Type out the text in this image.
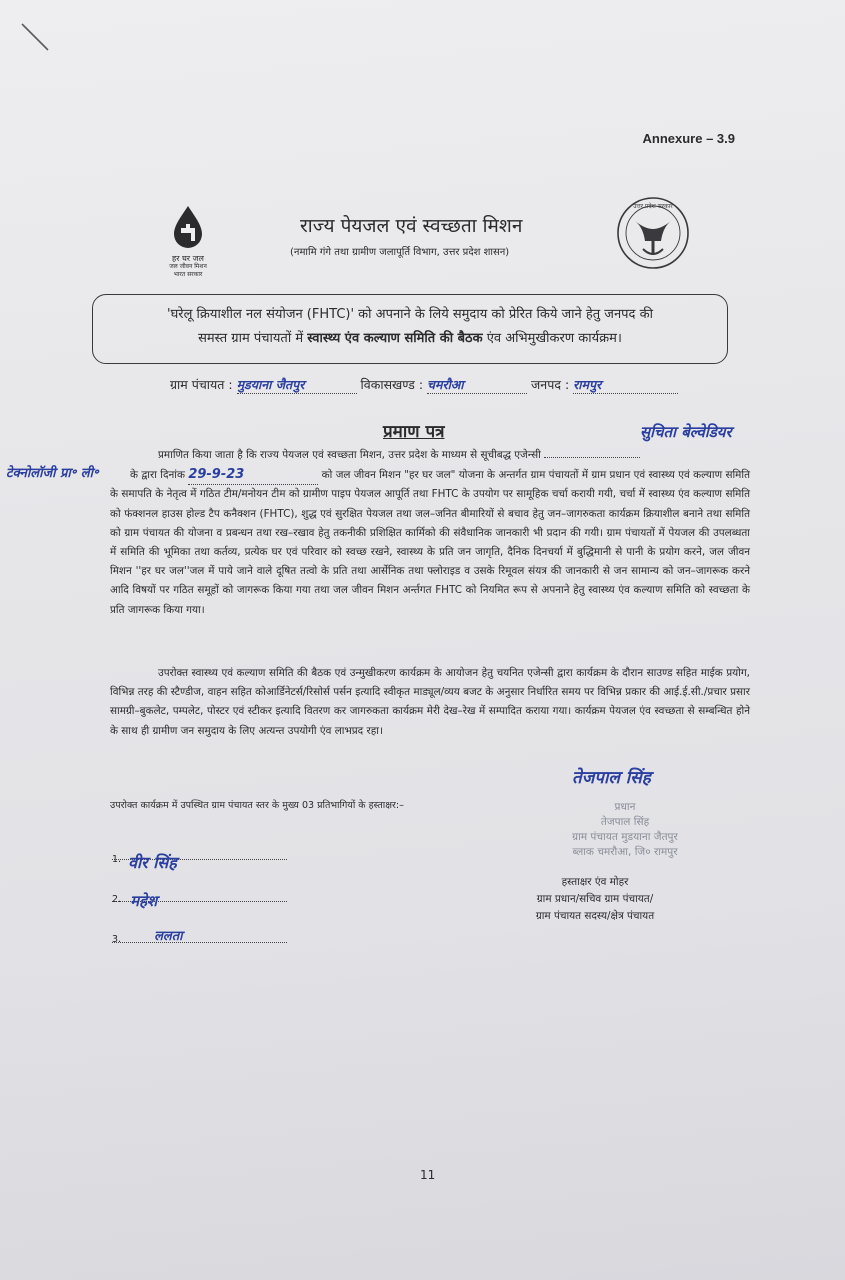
Annexure – 3.9
हर घर जल
जल जीवन मिशन
भारत सरकार
राज्य पेयजल एवं स्वच्छता मिशन
(नमामि गंगे तथा ग्रामीण जलापूर्ति विभाग, उत्तर प्रदेश शासन)
उत्तर प्रदेश सरकार
'घरेलू क्रियाशील नल संयोजन (FHTC)' को अपनाने के लिये समुदाय को प्रेरित किये जाने हेतु जनपद की
समस्त ग्राम पंचायतों में स्वास्थ्य एंव कल्याण समिति की बैठक एंव अभिमुखीकरण कार्यक्रम।
ग्राम पंचायत : मुडयाना जैतपुर	विकासखण्ड : चमरौआ	जनपद : रामपुर
प्रमाण पत्र	सुचिता बेल्वेडियर
टेक्नोलॉजी प्रा॰ ली॰
प्रमाणित किया जाता है कि राज्य पेयजल एवं स्वच्छता मिशन, उत्तर प्रदेश के माध्यम से सूचीबद्ध एजेन्सी
के द्वारा दिनांक 29-9-23	को जल जीवन मिशन "हर घर जल" योजना के अन्तर्गत ग्राम पंचायतों में ग्राम प्रधान एवं स्वास्थ्य एवं कल्याण समिति के समापति के नेतृत्व में गठित टीम/मनोयन टीम को ग्रामीण पाइप पेयजल आपूर्ति तथा FHTC के उपयोग पर सामूहिक चर्चा करायी गयी, चर्चा में स्वास्थ्य एंव कल्याण समिति को फंक्शनल हाउस होल्ड टैप कनैक्शन (FHTC), शुद्ध एवं सुरक्षित पेयजल तथा जल–जनित बीमारियों से बचाव हेतु जन–जागरुकता कार्यक्रम क्रियाशील बनाने तथा समिति को ग्राम पंचायत की योजना व प्रबन्धन तथा रख–रखाव हेतु तकनीकी प्रशिक्षित कार्मिको की संवैधानिक जानकारी भी प्रदान की गयी। ग्राम पंचायतों में पेयजल की उपलब्धता में समिति की भूमिका तथा कर्तव्य, प्रत्येक घर एवं परिवार को स्वच्छ रखने, स्वास्थ्य के प्रति जन जागृति, दैनिक दिनचर्या में बुद्धिमानी से पानी के प्रयोग करने, जल जीवन मिशन ''हर घर जल''जल में पाये जाने वाले दूषित तत्वो के प्रति तथा आर्सेनिक तथा फ्लोराइड व उसके रिमूवल संयत्र की जानकारी से जन सामान्य को जन–जागरूक करने आदि विषयों पर गठित समूहों को जागरूक किया गया तथा जल जीवन मिशन अर्न्तगत FHTC को नियमित रूप से अपनाने हेतु स्वास्थ्य एंव कल्याण समिति को स्वच्छता के प्रति जागरूक किया गया।
उपरोक्त स्वास्थ्य एवं कल्याण समिति की बैठक एवं उन्मुखीकरण कार्यक्रम के आयोजन हेतु चयनित एजेन्सी द्वारा कार्यक्रम के दौरान साउण्ड सहित माईक प्रयोग, विभिन्न तरह की स्टैण्डीज, वाहन सहित कोआर्डिनेटर्स/रिसोर्स पर्सन इत्यादि स्वीकृत माड्यूल/व्यय बजट के अनुसार निर्धारित समय पर विभिन्न प्रकार की आई.ई.सी./प्रचार प्रसार सामग्री–बुकलेट, पम्पलेट, पोस्टर एवं स्टीकर इत्यादि वितरण कर जागरुकता कार्यक्रम मेरी देख–रेख में सम्पादित कराया गया। कार्यक्रम पेयजल एंव स्वच्छता से सम्बन्धित होने के साथ ही ग्रामीण जन समुदाय के लिए अत्यन्त उपयोगी एंव लाभप्रद रहा।
उपरोक्त कार्यक्रम में उपस्थित ग्राम पंचायत स्तर के मुख्य 03 प्रतिभागियों के हस्ताक्षर:–
1. वीर सिंह
2. महेश
3.	ललता
तेजपाल सिंह
प्रधान
तेजपाल सिंह
ग्राम पंचायत मुडयाना जैतपुर
ब्लाक चमरौआ, जि० रामपुर
हस्ताक्षर एंव मोहर
ग्राम प्रधान/सचिव ग्राम पंचायत/
ग्राम पंचायत सदस्य/क्षेत्र पंचायत
11
